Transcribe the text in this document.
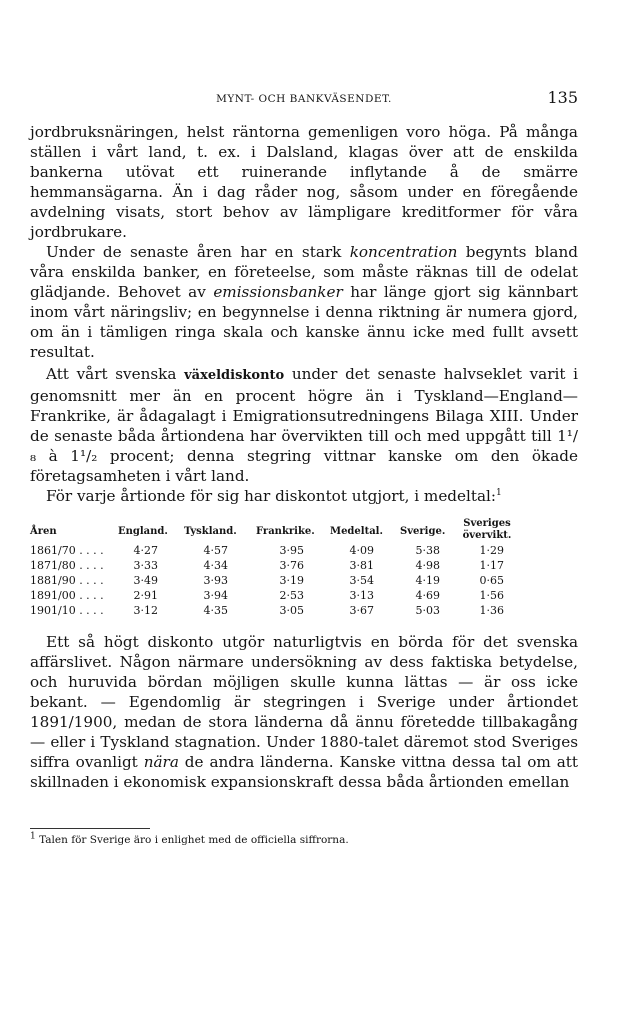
MYNT- OCH BANKVÄSENDET.	135

jordbruksnäringen, helst räntorna gemenligen voro höga. På många ställen i vårt land, t. ex. i Dalsland, klagas över att de enskilda bankerna utövat ett ruinerande inflytande å de smärre hemmansägarna. Än i dag råder nog, såsom under en föregående avdelning visats, stort behov av lämpligare kreditformer för våra jordbrukare.

Under de senaste åren har en stark koncentration begynts bland våra enskilda banker, en företeelse, som måste räknas till de odelat glädjande. Behovet av emissionsbanker har länge gjort sig kännbart inom vårt näringsliv; en begynnelse i denna riktning är numera gjord, om än i tämligen ringa skala och kanske ännu icke med fullt avsett resultat.

Att vårt svenska växeldiskonto under det senaste halvseklet varit i genomsnitt mer än en procent högre än i Tyskland—England—Frankrike, är ådagalagt i Emigrationsutredningens Bilaga XIII. Under de senaste båda årtiondena har övervikten till och med uppgått till 1¹/₈ à 1¹/₂ procent; denna stegring vittnar kanske om den ökade företagsamheten i vårt land.

För varje årtionde för sig har diskontot utgjort, i medeltal:$^1$

Åren	England. Tyskland. Frankrike. Medeltal. Sverige.
Sveriges
övervikt.
1861/70 . . . .	4·27	4·57	3·95	4·09	5·38	1·29
1871/80 . . . .	3·33	4·34	3·76	3·81	4·98	1·17
1881/90 . . . .	3·49	3·93	3·19	3·54	4·19	0·65
1891/00 . . . .	2·91	3·94	2·53	3·13	4·69	1·56
1901/10 . . . .	3·12	4·35	3·05	3·67	5·03	1·36

Ett så högt diskonto utgör naturligtvis en börda för det svenska affärslivet. Någon närmare undersökning av dess faktiska betydelse, och huruvida bördan möjligen skulle kunna lättas — är oss icke bekant. — Egendomlig är stegringen i Sverige under årtiondet 1891/1900, medan de stora länderna då ännu företedde tillbakagång — eller i Tyskland stagnation. Under 1880-talet däremot stod Sveriges siffra ovanligt nära de andra länderna. Kanske vittna dessa tal om att skillnaden i ekonomisk expansionskraft dessa båda årtionden emellan

1 Talen för Sverige äro i enlighet med de officiella siffrorna.
